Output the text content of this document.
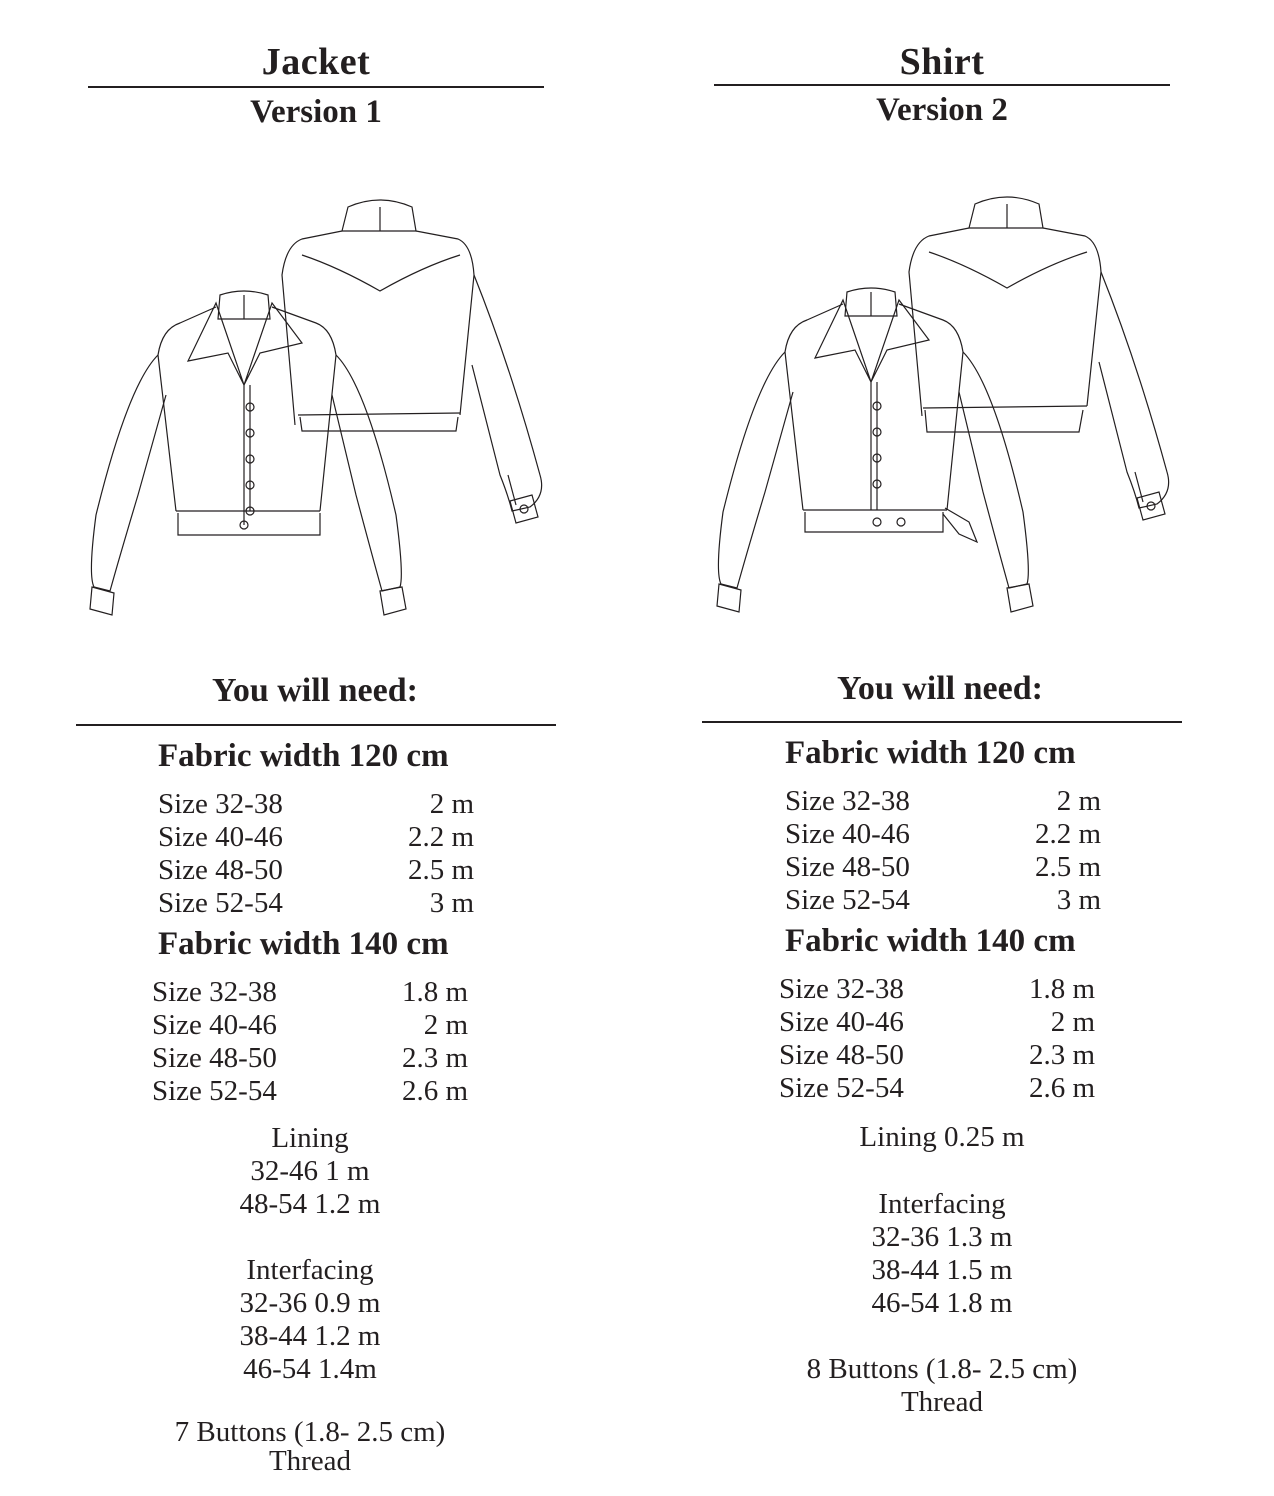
Jacket
Version 1
You will need:
Fabric width 120 cm
Size 32-38	2 m
Size 40-46	2.2 m
Size 48-50	2.5 m
Size 52-54	3 m
Fabric width 140 cm
Size 32-38	1.8 m
Size 40-46	2 m
Size 48-50	2.3 m
Size 52-54	2.6 m
Lining
32-46 1 m
48-54 1.2 m
Interfacing
32-36 0.9 m
38-44 1.2 m
46-54 1.4m
7 Buttons (1.8- 2.5 cm)
Thread
Shirt
Version 2
You will need:
Fabric width 120 cm
Size 32-38	2 m
Size 40-46	2.2 m
Size 48-50	2.5 m
Size 52-54	3 m
Fabric width 140 cm
Size 32-38	1.8 m
Size 40-46	2 m
Size 48-50	2.3 m
Size 52-54	2.6 m
Lining 0.25 m
Interfacing
32-36 1.3 m
38-44 1.5 m
46-54 1.8 m
8 Buttons (1.8- 2.5 cm)
Thread
